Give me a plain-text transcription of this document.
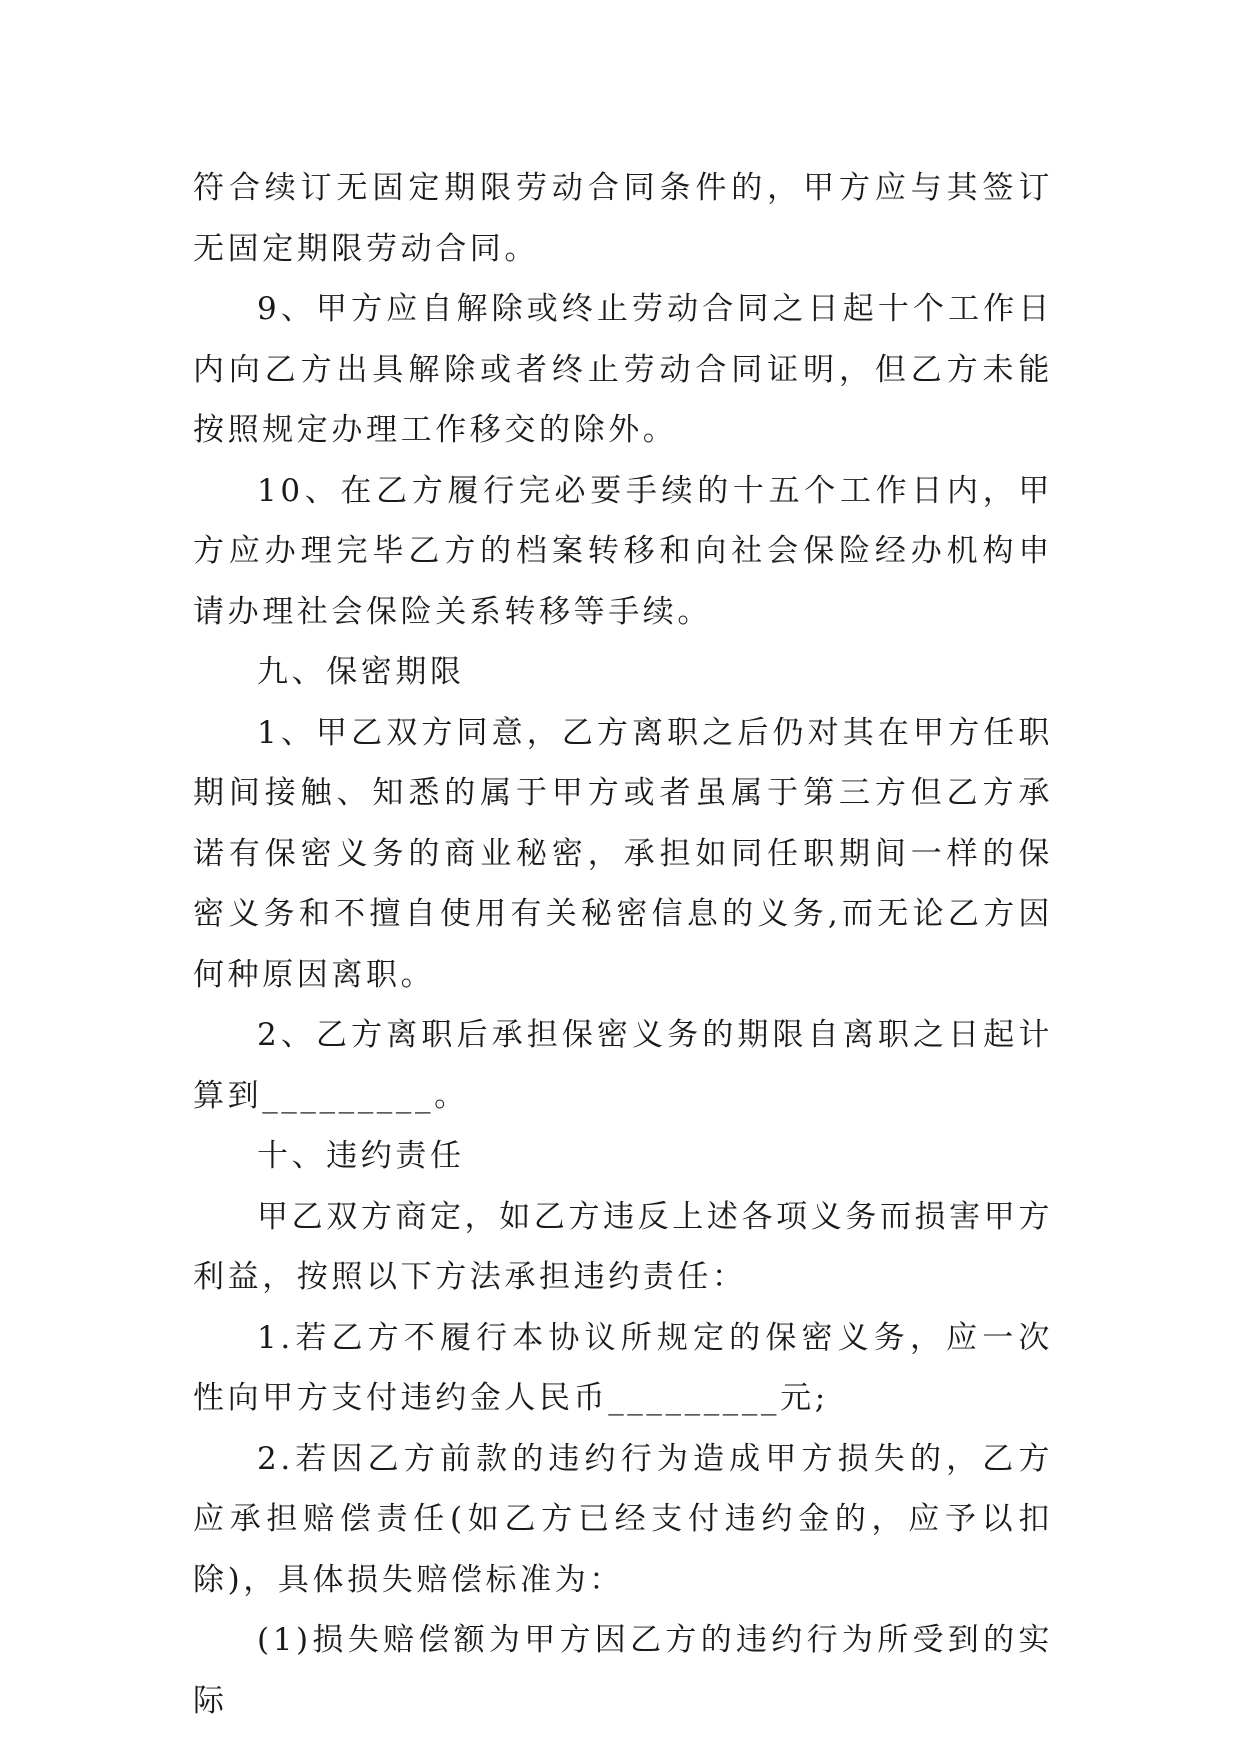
符合续订无固定期限劳动合同条件的，甲方应与其签订无固定期限劳动合同。

9、甲方应自解除或终止劳动合同之日起十个工作日内向乙方出具解除或者终止劳动合同证明，但乙方未能按照规定办理工作移交的除外。

10、在乙方履行完必要手续的十五个工作日内，甲方应办理完毕乙方的档案转移和向社会保险经办机构申请办理社会保险关系转移等手续。

九、保密期限

1、甲乙双方同意，乙方离职之后仍对其在甲方任职期间接触、知悉的属于甲方或者虽属于第三方但乙方承诺有保密义务的商业秘密，承担如同任职期间一样的保密义务和不擅自使用有关秘密信息的义务,而无论乙方因何种原因离职。

2、乙方离职后承担保密义务的期限自离职之日起计算到_________。

十、违约责任

甲乙双方商定，如乙方违反上述各项义务而损害甲方利益，按照以下方法承担违约责任：

1.若乙方不履行本协议所规定的保密义务，应一次性向甲方支付违约金人民币_________元;

2.若因乙方前款的违约行为造成甲方损失的，乙方应承担赔偿责任(如乙方已经支付违约金的，应予以扣除)，具体损失赔偿标准为：

(1)损失赔偿额为甲方因乙方的违约行为所受到的实际
